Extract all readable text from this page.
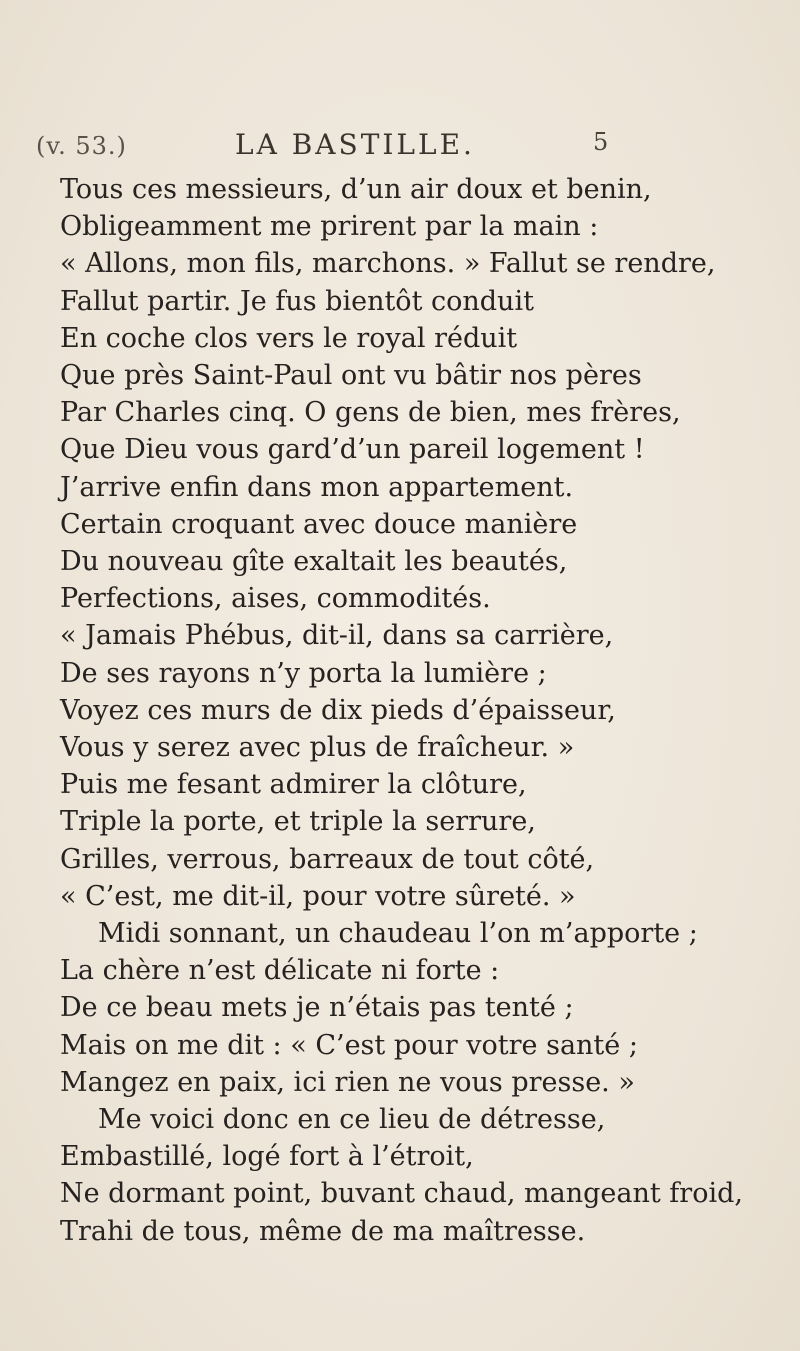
(v. 53.)	LA BASTILLE.	5
Tous ces messieurs, d’un air doux et benin,
Obligeamment me prirent par la main :
« Allons, mon fils, marchons. » Fallut se rendre,
Fallut partir. Je fus bientôt conduit
En coche clos vers le royal réduit
Que près Saint-Paul ont vu bâtir nos pères
Par Charles cinq. O gens de bien, mes frères,
Que Dieu vous gard’d’un pareil logement !
J’arrive enfin dans mon appartement.
Certain croquant avec douce manière
Du nouveau gîte exaltait les beautés,
Perfections, aises, commodités.
« Jamais Phébus, dit-il, dans sa carrière,
De ses rayons n’y porta la lumière ;
Voyez ces murs de dix pieds d’épaisseur,
Vous y serez avec plus de fraîcheur. »
Puis me fesant admirer la clôture,
Triple la porte, et triple la serrure,
Grilles, verrous, barreaux de tout côté,
« C’est, me dit-il, pour votre sûreté. »
Midi sonnant, un chaudeau l’on m’apporte ;
La chère n’est délicate ni forte :
De ce beau mets je n’étais pas tenté ;
Mais on me dit : « C’est pour votre santé ;
Mangez en paix, ici rien ne vous presse. »
Me voici donc en ce lieu de détresse,
Embastillé, logé fort à l’étroit,
Ne dormant point, buvant chaud, mangeant froid,
Trahi de tous, même de ma maîtresse.
